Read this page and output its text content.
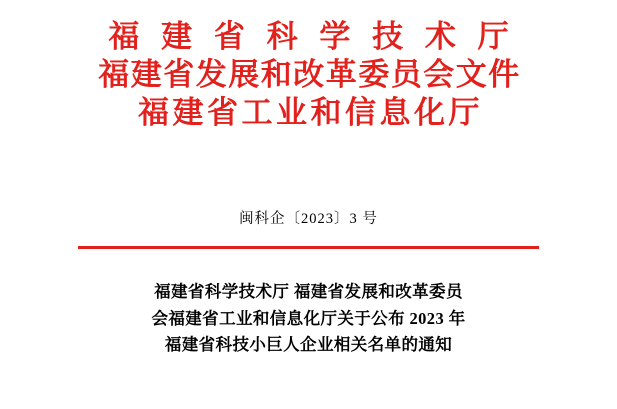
福 建 省 科 学 技 术 厅
福建省发展和改革委员会文件
福建省工业和信息化厅
闽科企〔2023〕3 号
福建省科学技术厅 福建省发展和改革委员
会福建省工业和信息化厅关于公布 2023 年
福建省科技小巨人企业相关名单的通知
